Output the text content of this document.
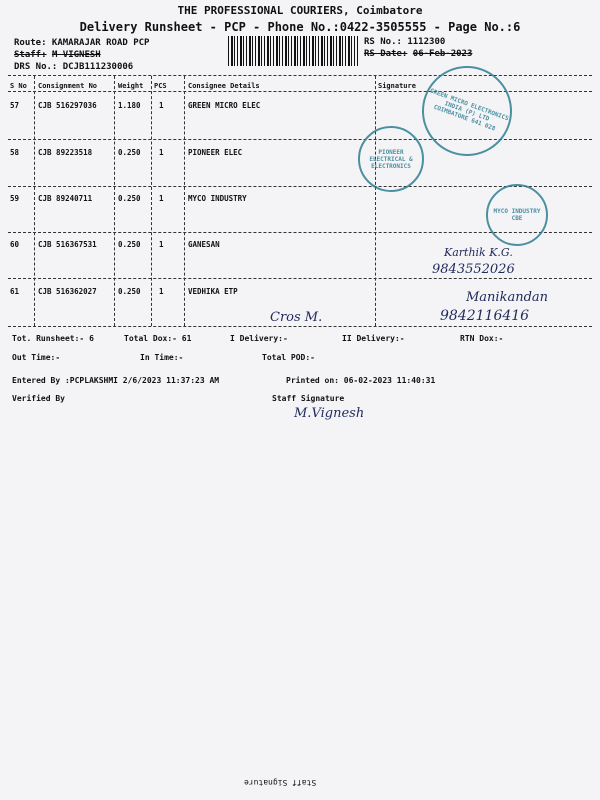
THE PROFESSIONAL COURIERS, Coimbatore
Delivery Runsheet - PCP - Phone No.:0422-3505555 - Page No.:6
Route: KAMARAJAR ROAD PCP
Staff: M VIGNESH
DRS No.: DCJB111230006
RS No.: 1112300
RS Date: 06-Feb-2023
S No Consignment No	Weight PCS	Consignee Details	Signature
57	CJB 516297036	1.180 1	GREEN MICRO ELEC
58	CJB 89223518	0.250 1	PIONEER ELEC
59	CJB 89240711	0.250 1	MYCO INDUSTRY
60	CJB 516367531	0.250 1	GANESAN
61	CJB 516362027	0.250 1	VEDHIKA ETP
GREEN MICRO ELECTRONICS INDIA (P) LTD COIMBATORE 641 028
PIONEER ELECTRICAL & ELECTRONICS
MYCO INDUSTRY CBE
Karthik K.G.
9843552026
Manikandan
9842116416
Cros M.
Tot. Runsheet:- 6	Total Dox:- 61	I Delivery:-	II Delivery:-	RTN Dox:-
Out Time:-	In Time:-	Total POD:-
Entered By :PCPLAKSHMI 2/6/2023 11:37:23 AM	Printed on: 06-02-2023 11:40:31
Verified By	Staff Signature
M.Vignesh
Staff Signature
